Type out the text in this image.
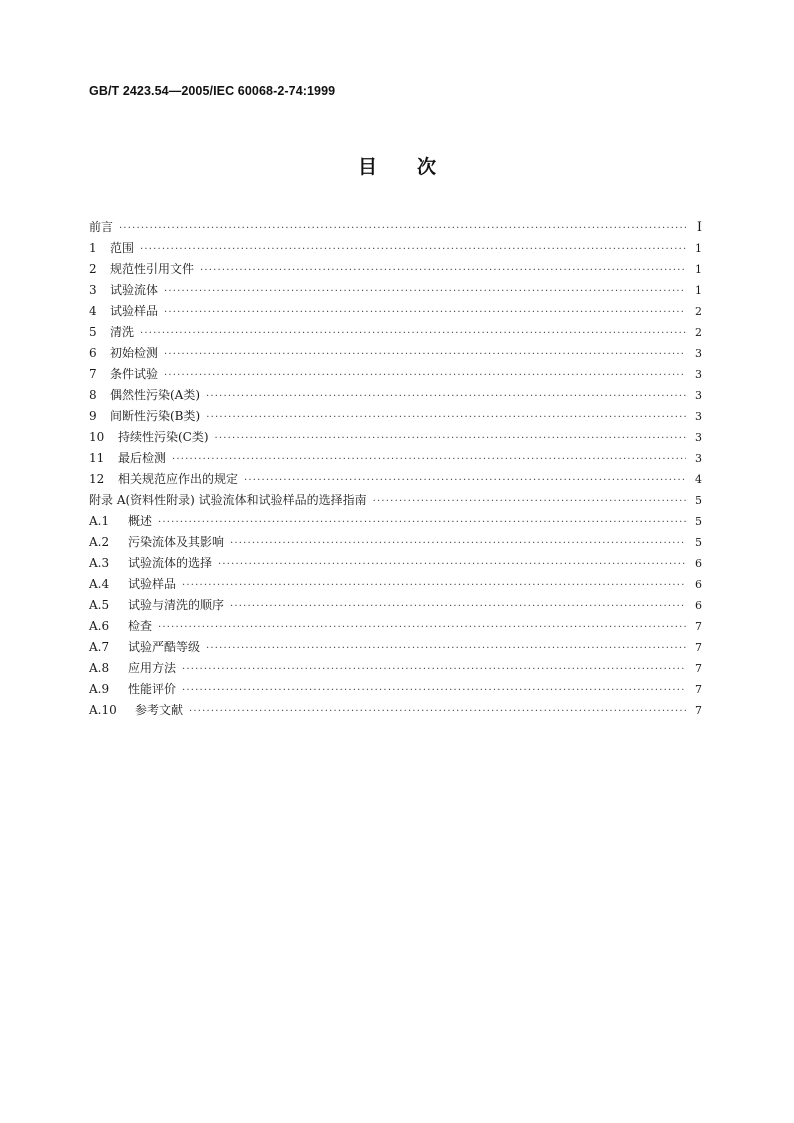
GB/T 2423.54—2005/IEC 60068-2-74:1999
目 次
前言 ·····	I
1	范围 ·····	1
2	规范性引用文件 ·····	1
3	试验流体 ·····	1
4	试验样品 ·····	2
5	清洗 ·····	2
6	初始检测 ·····	3
7	条件试验 ·····	3
8	偶然性污染(A类) ·····	3
9	间断性污染(B类) ·····	3
10	持续性污染(C类) ·····	3
11	最后检测 ·····	3
12	相关规范应作出的规定 ·····	4
附录 A(资料性附录) 试验流体和试验样品的选择指南 ·····	5
A.1	概述 ·····	5
A.2	污染流体及其影响 ·····	5
A.3	试验流体的选择 ·····	6
A.4	试验样品 ·····	6
A.5	试验与清洗的顺序 ·····	6
A.6	检查 ·····	7
A.7	试验严酷等级 ·····	7
A.8	应用方法 ·····	7
A.9	性能评价 ·····	7
A.10	参考文献 ·····	7
